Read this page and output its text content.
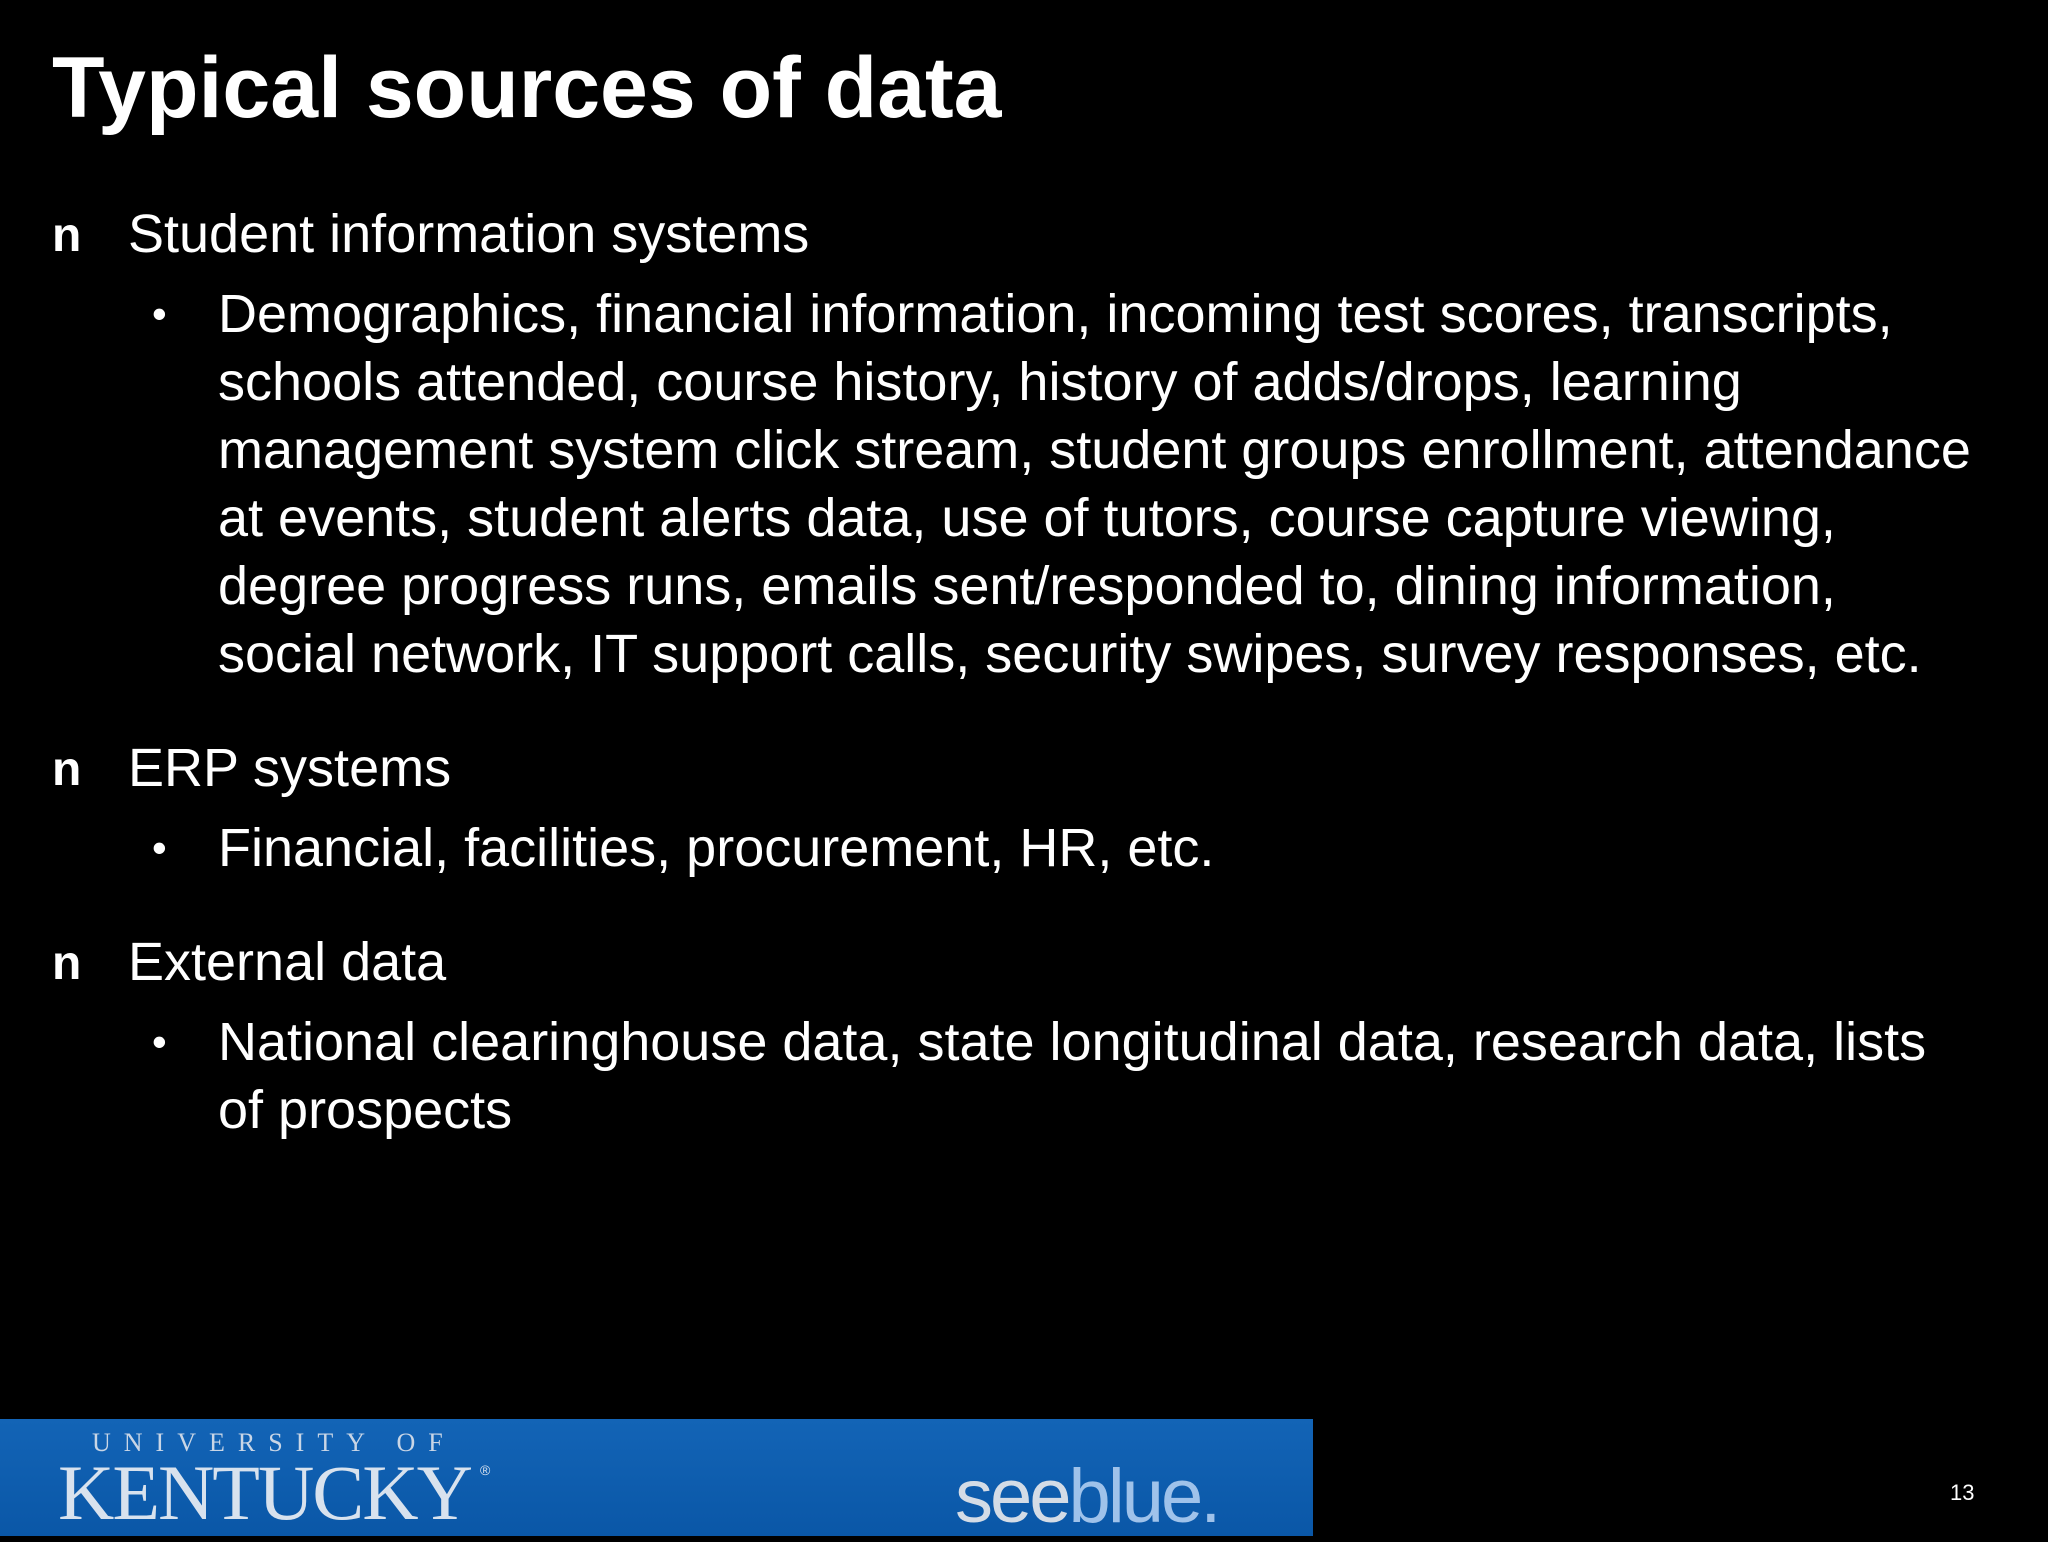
Typical sources of data
n Student information systems
• Demographics, financial information, incoming test scores, transcripts, schools attended, course history, history of adds/drops, learning management system click stream, student groups enrollment, attendance at events, student alerts data, use of tutors, course capture viewing, degree progress runs, emails sent/responded to, dining information, social network, IT support calls, security swipes, survey responses, etc.
n ERP systems
• Financial, facilities, procurement, HR, etc.
n External data
• National clearinghouse data, state longitudinal data, research data, lists of prospects
UNIVERSITY OF
KENTUCKY ®	seeblue.	13
